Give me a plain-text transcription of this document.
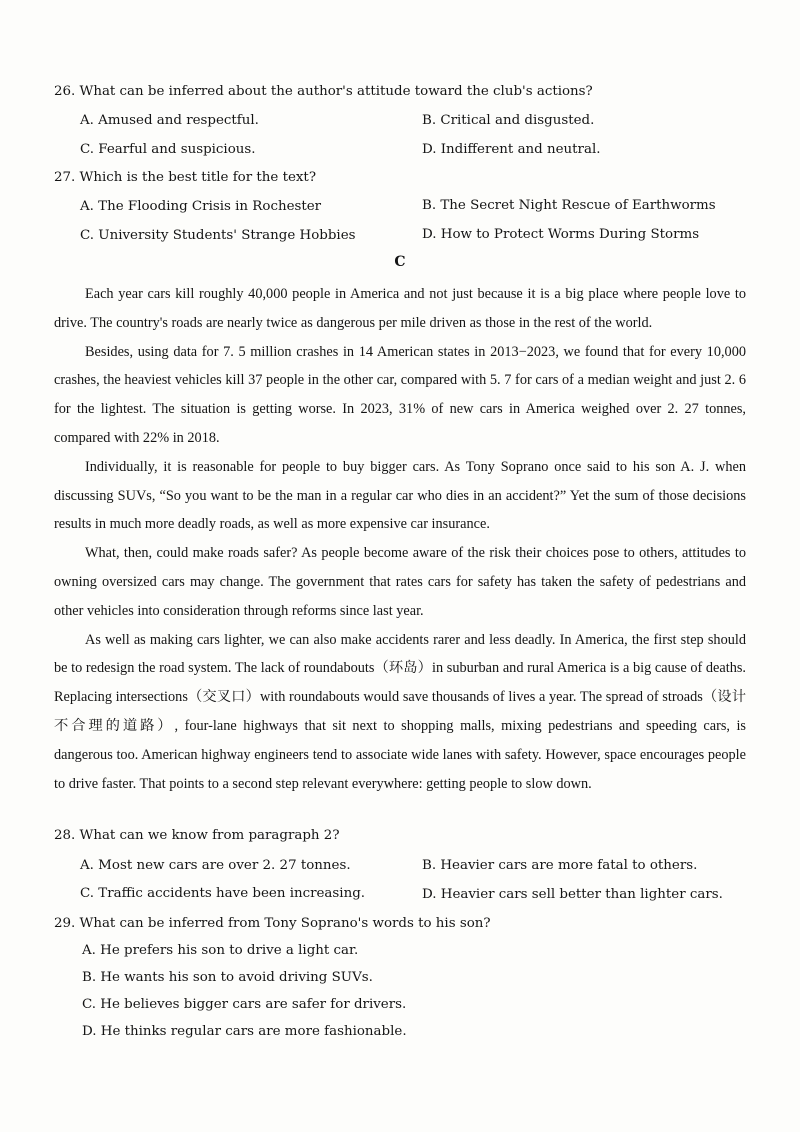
26. What can be inferred about the author's attitude toward the club's actions?
A. Amused and respectful.	B. Critical and disgusted.
C. Fearful and suspicious.	D. Indifferent and neutral.
27. Which is the best title for the text?
A. The Flooding Crisis in Rochester	B. The Secret Night Rescue of Earthworms
C. University Students' Strange Hobbies	D. How to Protect Worms During Storms
C

Each year cars kill roughly 40,000 people in America and not just because it is a big place where people love to drive. The country's roads are nearly twice as dangerous per mile driven as those in the rest of the world.

Besides, using data for 7. 5 million crashes in 14 American states in 2013−2023, we found that for every 10,000 crashes, the heaviest vehicles kill 37 people in the other car, compared with 5. 7 for cars of a median weight and just 2. 6 for the lightest. The situation is getting worse. In 2023, 31% of new cars in America weighed over 2. 27 tonnes, compared with 22% in 2018.

Individually, it is reasonable for people to buy bigger cars. As Tony Soprano once said to his son A. J. when discussing SUVs, “So you want to be the man in a regular car who dies in an accident?” Yet the sum of those decisions results in much more deadly roads, as well as more expensive car insurance.

What, then, could make roads safer? As people become aware of the risk their choices pose to others, attitudes to owning oversized cars may change. The government that rates cars for safety has taken the safety of pedestrians and other vehicles into consideration through reforms since last year.

As well as making cars lighter, we can also make accidents rarer and less deadly. In America, the first step should be to redesign the road system. The lack of roundabouts（环岛）in suburban and rural America is a big cause of deaths. Replacing intersections（交叉口）with roundabouts would save thousands of lives a year. The spread of stroads（设计不合理的道路）, four-lane highways that sit next to shopping malls, mixing pedestrians and speeding cars, is dangerous too. American highway engineers tend to associate wide lanes with safety. However, space encourages people to drive faster. That points to a second step relevant everywhere: getting people to slow down.

28. What can we know from paragraph 2?
A. Most new cars are over 2. 27 tonnes.	B. Heavier cars are more fatal to others.
C. Traffic accidents have been increasing.	D. Heavier cars sell better than lighter cars.
29. What can be inferred from Tony Soprano's words to his son?
A. He prefers his son to drive a light car.
B. He wants his son to avoid driving SUVs.
C. He believes bigger cars are safer for drivers.
D. He thinks regular cars are more fashionable.
